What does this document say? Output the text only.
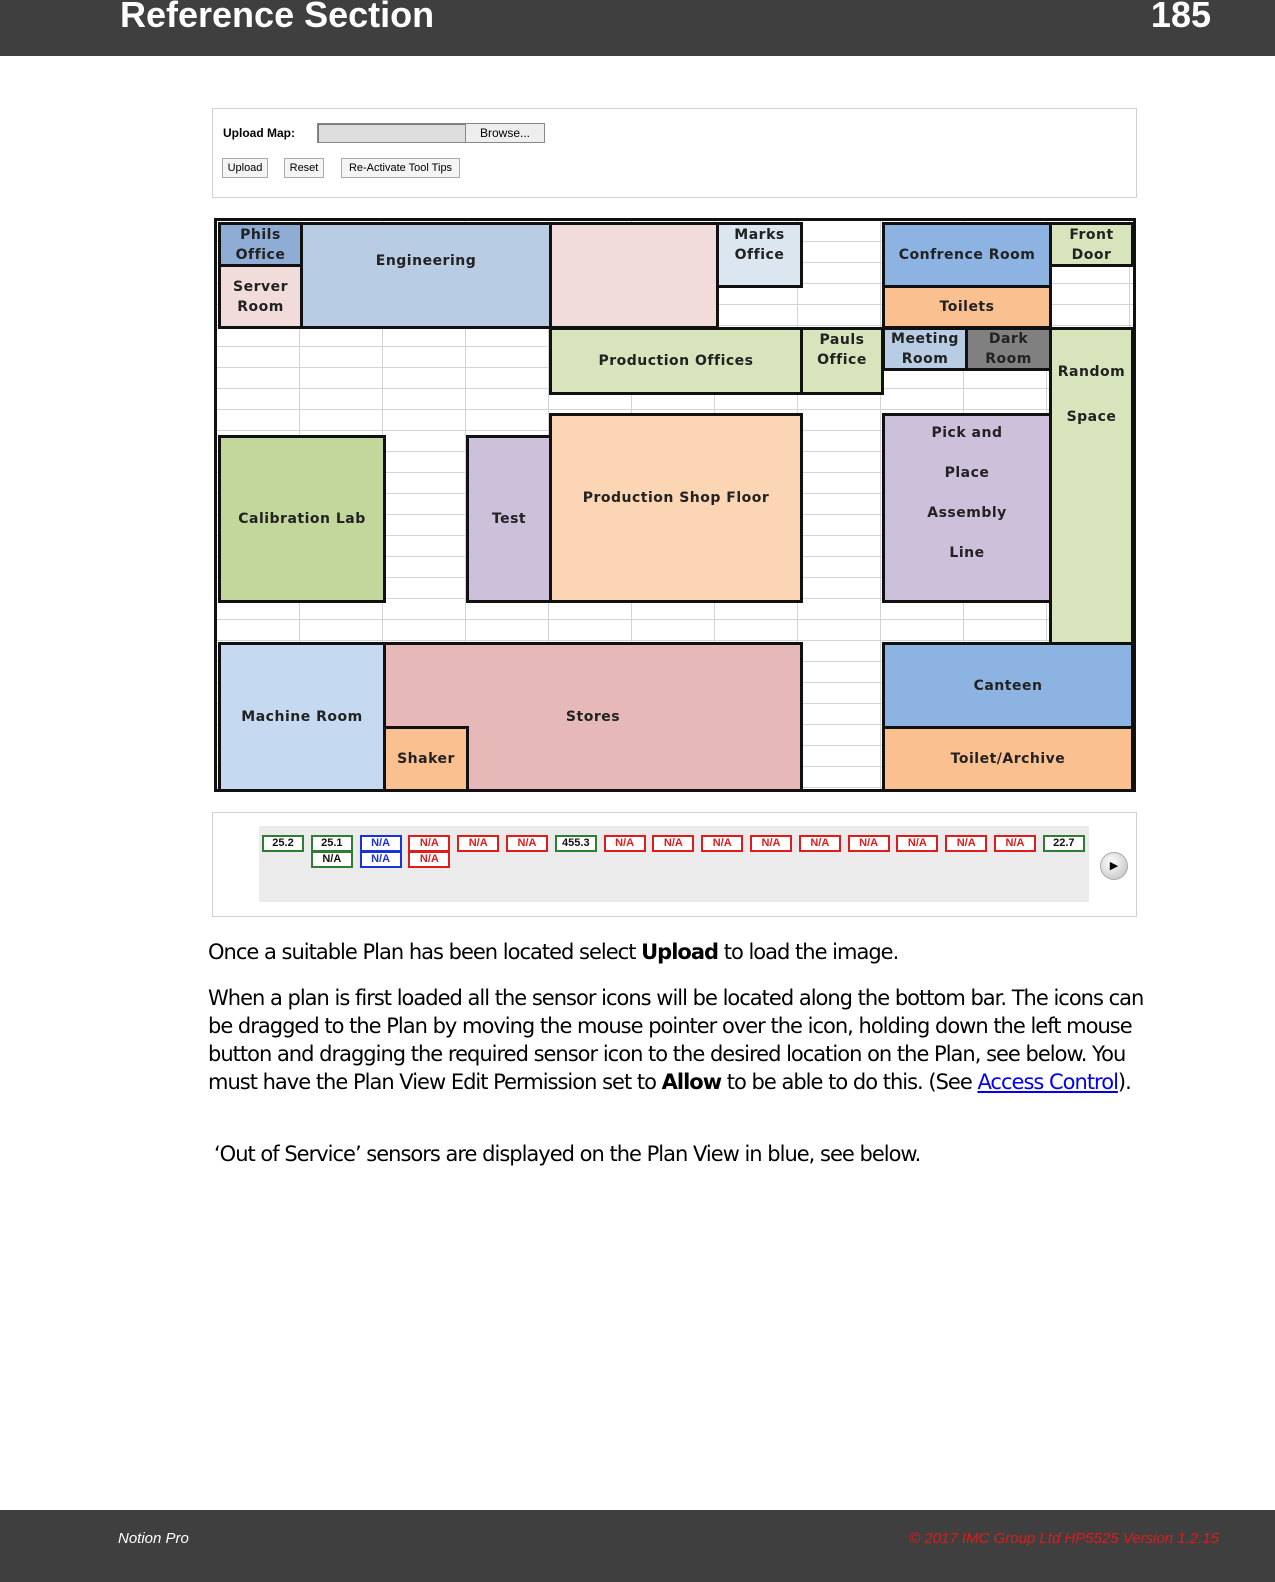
Reference Section	185
Upload Map:	Browse...
Upload	Reset	Re-Activate Tool Tips
Phils Office
Server Room
Engineering
Marks Office	Confrence Room
Toilets
Front Door
Production Offices
Pauls Office
Meeting Room
Dark Room
Random Space
Calibration Lab	Test
Production Shop Floor
Pick and Place Assembly Line
Machine Room	Stores
Shaker
Canteen
Toilet/Archive
25.2	25.1
N/A
N/A
N/A
N/A
N/A
N/A	N/A	455.3	N/A	N/A	N/A	N/A	N/A	N/A	N/A	N/A	N/A	22.7
▶
Once a suitable Plan has been located select Upload to load the image.
When a plan is first loaded all the sensor icons will be located along the bottom bar. The icons can be dragged to the Plan by moving the mouse pointer over the icon, holding down the left mouse button and dragging the required sensor icon to the desired location on the Plan, see below. You must have the Plan View Edit Permission set to Allow to be able to do this. (See Access Control).
‘Out of Service’ sensors are displayed on the Plan View in blue, see below.
Notion Pro	© 2017 IMC Group Ltd HP5525 Version 1.2.15
